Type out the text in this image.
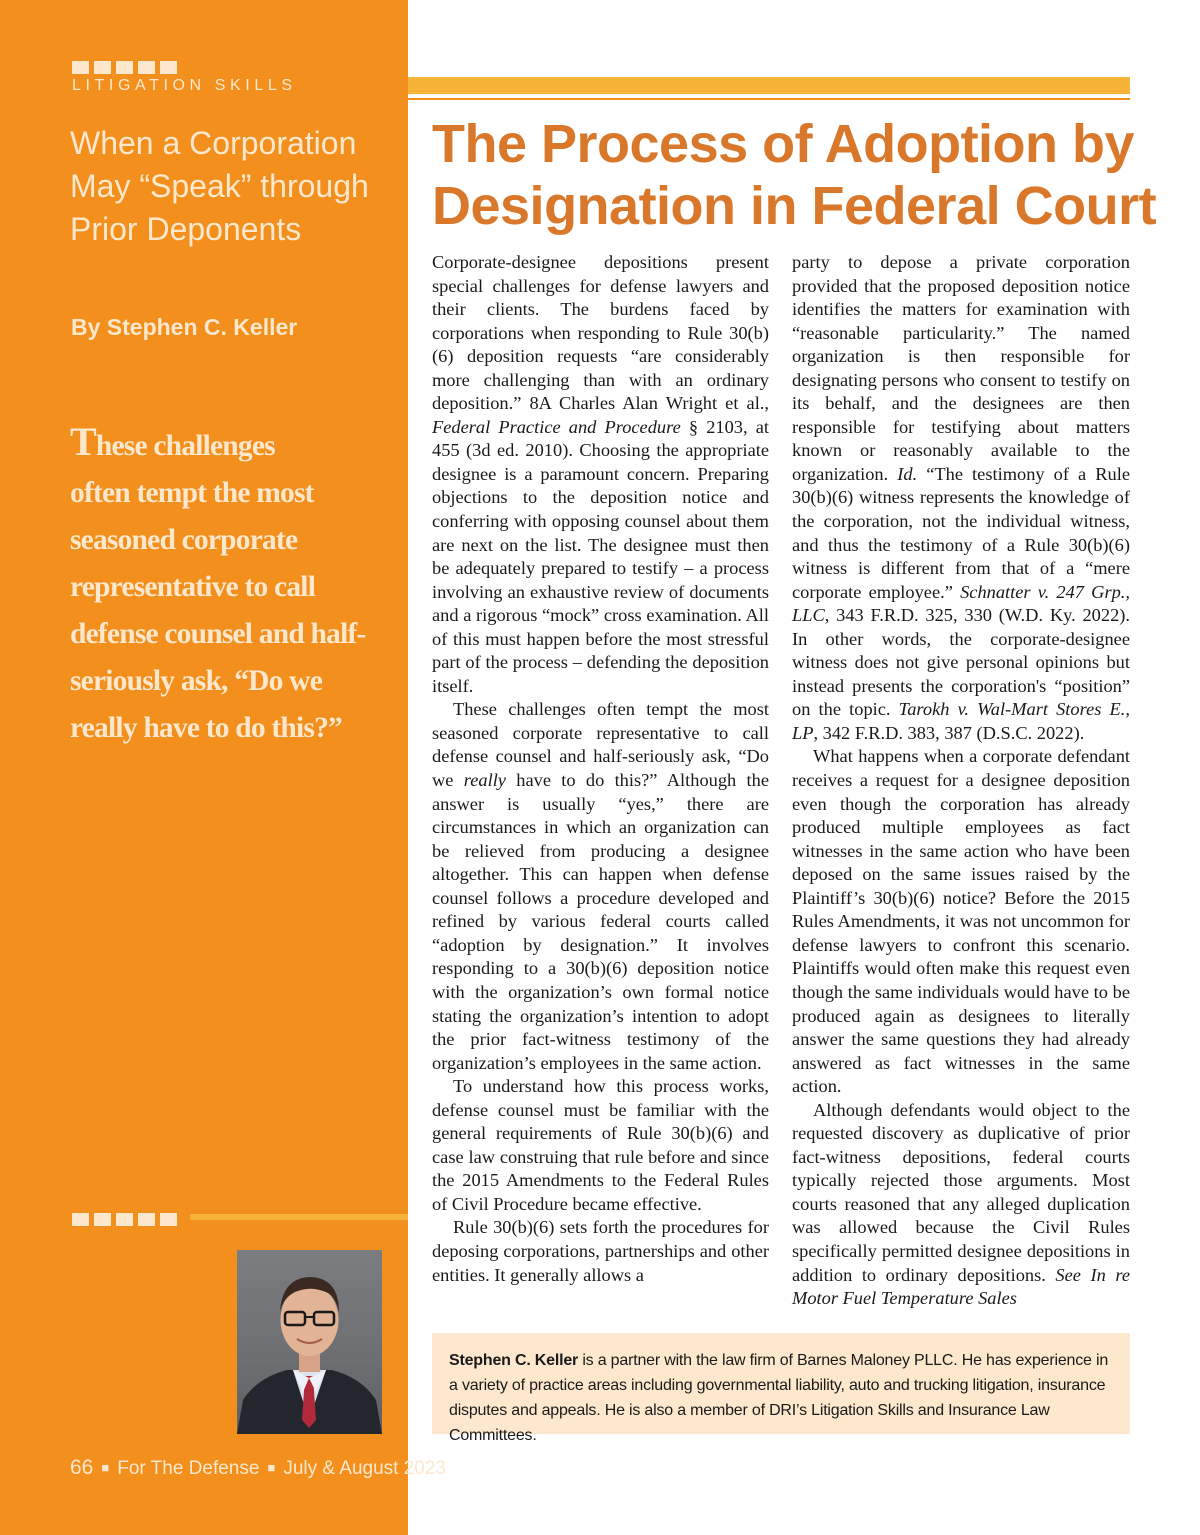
LITIGATION SKILLS
When a Corporation
May “Speak” through
Prior Deponents
By Stephen C. Keller
These challenges
often tempt the most
seasoned corporate
representative to call
defense counsel and half-
seriously ask, “Do we
really have to do this?”
66 ■ For The Defense ■ July & August 2023
The Process of Adoption by
Designation in Federal Court

Corporate-designee depositions present special challenges for defense lawyers and their clients. The burdens faced by corporations when responding to Rule 30(b)(6) deposition requests “are considerably more challenging than with an ordinary deposition.” 8A Charles Alan Wright et al., Federal Practice and Procedure § 2103, at 455 (3d ed. 2010). Choosing the appropriate designee is a paramount concern. Preparing objections to the deposition notice and conferring with opposing counsel about them are next on the list. The designee must then be adequately prepared to testify – a process involving an exhaustive review of documents and a rigorous “mock” cross examination. All of this must happen before the most stressful part of the process – defending the deposition itself.

These challenges often tempt the most seasoned corporate representative to call defense counsel and half-seriously ask, “Do we really have to do this?” Although the answer is usually “yes,” there are circumstances in which an organization can be relieved from producing a designee altogether. This can happen when defense counsel follows a procedure developed and refined by various federal courts called “adoption by designation.” It involves responding to a 30(b)(6) deposition notice with the organization’s own formal notice stating the organization’s intention to adopt the prior fact-witness testimony of the organization’s employees in the same action.

To understand how this process works, defense counsel must be familiar with the general requirements of Rule 30(b)(6) and case law construing that rule before and since the 2015 Amendments to the Federal Rules of Civil Procedure became effective.

Rule 30(b)(6) sets forth the procedures for deposing corporations, partnerships and other entities. It generally allows a

party to depose a private corporation provided that the proposed deposition notice identifies the matters for examination with “reasonable particularity.” The named organization is then responsible for designating persons who consent to testify on its behalf, and the designees are then responsible for testifying about matters known or reasonably available to the organization. Id. “The testimony of a Rule 30(b)(6) witness represents the knowledge of the corporation, not the individual witness, and thus the testimony of a Rule 30(b)(6) witness is different from that of a “mere corporate employee.” Schnatter v. 247 Grp., LLC, 343 F.R.D. 325, 330 (W.D. Ky. 2022). In other words, the corporate-designee witness does not give personal opinions but instead presents the corporation's “position” on the topic. Tarokh v. Wal-Mart Stores E., LP, 342 F.R.D. 383, 387 (D.S.C. 2022).

What happens when a corporate defendant receives a request for a designee deposition even though the corporation has already produced multiple employees as fact witnesses in the same action who have been deposed on the same issues raised by the Plaintiff’s 30(b)(6) notice? Before the 2015 Rules Amendments, it was not uncommon for defense lawyers to confront this scenario. Plaintiffs would often make this request even though the same individuals would have to be produced again as designees to literally answer the same questions they had already answered as fact witnesses in the same action.

Although defendants would object to the requested discovery as duplicative of prior fact-witness depositions, federal courts typically rejected those arguments. Most courts reasoned that any alleged duplication was allowed because the Civil Rules specifically permitted designee depositions in addition to ordinary depositions. See In re Motor Fuel Temperature Sales

Stephen C. Keller is a partner with the law firm of Barnes Maloney PLLC. He has experience in a variety of practice areas including governmental liability, auto and trucking litigation, insurance disputes and appeals. He is also a member of DRI’s Litigation Skills and Insurance Law Committees.
